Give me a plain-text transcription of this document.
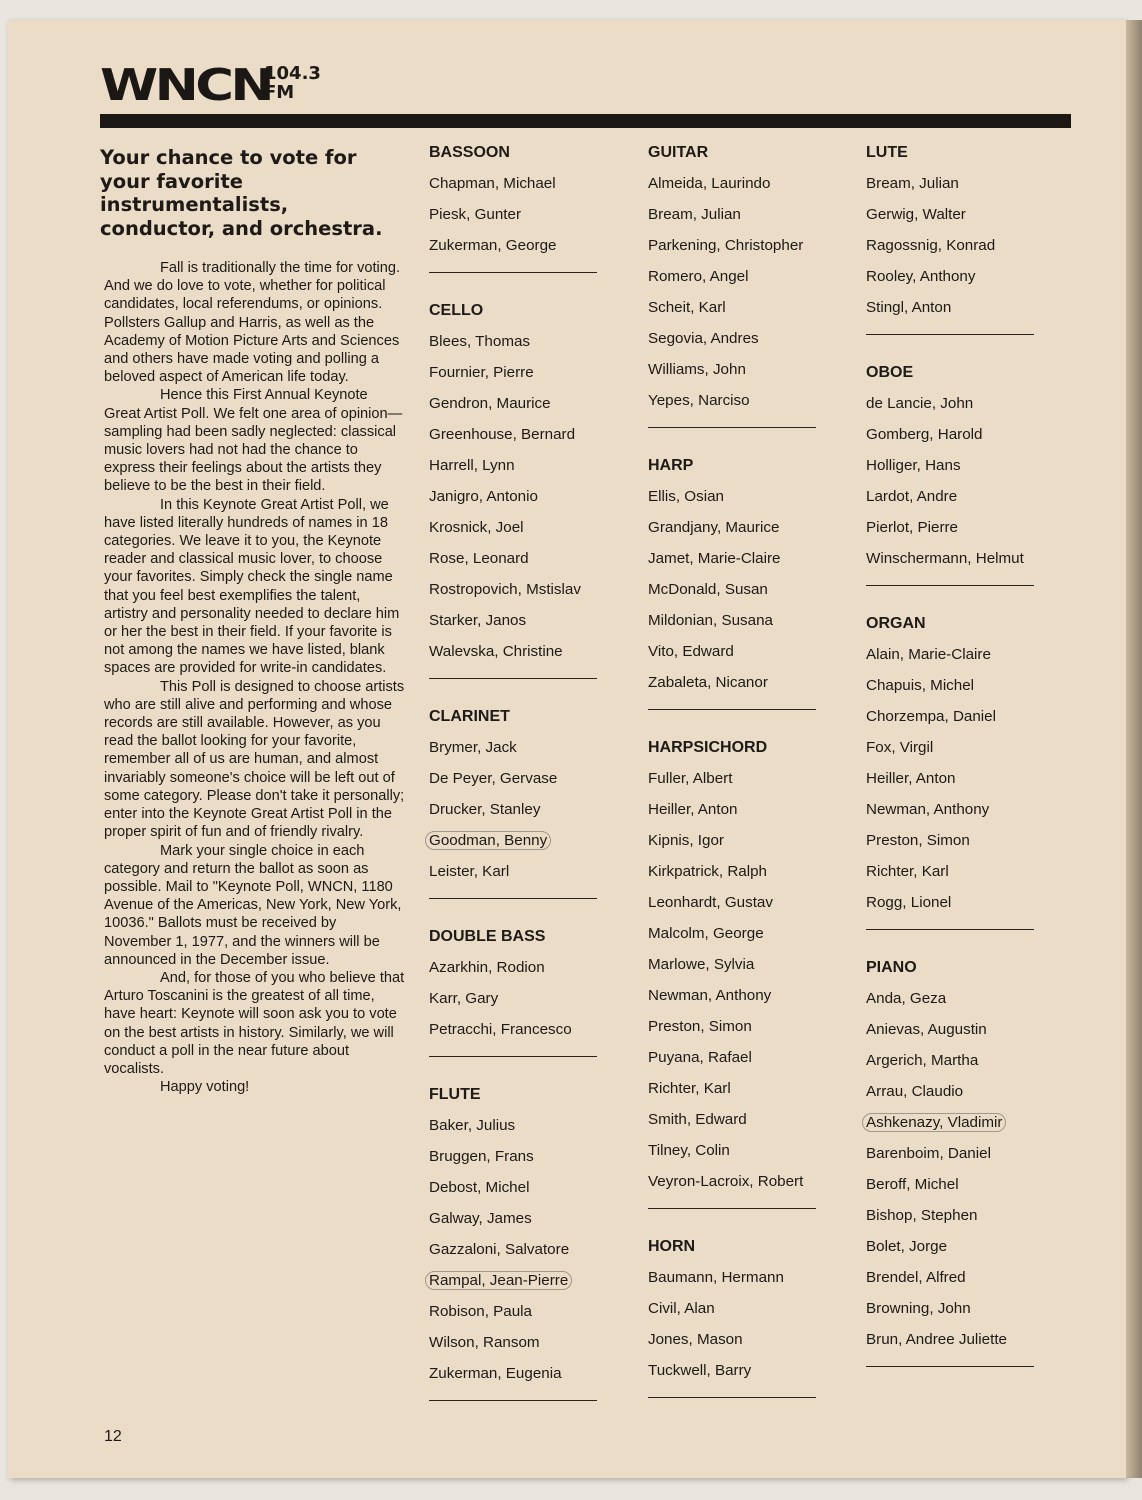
WNCN
104.3
FM
Your chance to vote for your favorite instrumentalists, conductor, and orchestra.

Fall is traditionally the time for voting. And we do love to vote, whether for political candidates, local referendums, or opinions. Pollsters Gallup and Harris, as well as the Academy of Motion Picture Arts and Sciences and others have made voting and polling a beloved aspect of American life today.

Hence this First Annual Keynote Great Artist Poll. We felt one area of opinion—sampling had been sadly neglected: classical music lovers had not had the chance to express their feelings about the artists they believe to be the best in their field.

In this Keynote Great Artist Poll, we have listed literally hundreds of names in 18 categories. We leave it to you, the Keynote reader and classical music lover, to choose your favorites. Simply check the single name that you feel best exemplifies the talent, artistry and personality needed to declare him or her the best in their field. If your favorite is not among the names we have listed, blank spaces are provided for write-in candidates.

This Poll is designed to choose artists who are still alive and performing and whose records are still available. However, as you read the ballot looking for your favorite, remember all of us are human, and almost invariably someone's choice will be left out of some category. Please don't take it personally; enter into the Keynote Great Artist Poll in the proper spirit of fun and of friendly rivalry.

Mark your single choice in each category and return the ballot as soon as possible. Mail to "Keynote Poll, WNCN, 1180 Avenue of the Americas, New York, New York, 10036." Ballots must be received by November 1, 1977, and the winners will be announced in the December issue.

And, for those of you who believe that Arturo Toscanini is the greatest of all time, have heart: Keynote will soon ask you to vote on the best artists in history. Similarly, we will conduct a poll in the near future about vocalists.

Happy voting!

BASSOON
Chapman, Michael
Piesk, Gunter
Zukerman, George
CELLO
Blees, Thomas
Fournier, Pierre
Gendron, Maurice
Greenhouse, Bernard
Harrell, Lynn
Janigro, Antonio
Krosnick, Joel
Rose, Leonard
Rostropovich, Mstislav
Starker, Janos
Walevska, Christine
CLARINET
Brymer, Jack
De Peyer, Gervase
Drucker, Stanley
Goodman, Benny
Leister, Karl
DOUBLE BASS
Azarkhin, Rodion
Karr, Gary
Petracchi, Francesco
FLUTE
Baker, Julius
Bruggen, Frans
Debost, Michel
Galway, James
Gazzaloni, Salvatore
Rampal, Jean-Pierre
Robison, Paula
Wilson, Ransom
Zukerman, Eugenia
GUITAR
Almeida, Laurindo
Bream, Julian
Parkening, Christopher
Romero, Angel
Scheit, Karl
Segovia, Andres
Williams, John
Yepes, Narciso
HARP
Ellis, Osian
Grandjany, Maurice
Jamet, Marie-Claire
McDonald, Susan
Mildonian, Susana
Vito, Edward
Zabaleta, Nicanor
HARPSICHORD
Fuller, Albert
Heiller, Anton
Kipnis, Igor
Kirkpatrick, Ralph
Leonhardt, Gustav
Malcolm, George
Marlowe, Sylvia
Newman, Anthony
Preston, Simon
Puyana, Rafael
Richter, Karl
Smith, Edward
Tilney, Colin
Veyron-Lacroix, Robert
HORN
Baumann, Hermann
Civil, Alan
Jones, Mason
Tuckwell, Barry
LUTE
Bream, Julian
Gerwig, Walter
Ragossnig, Konrad
Rooley, Anthony
Stingl, Anton
OBOE
de Lancie, John
Gomberg, Harold
Holliger, Hans
Lardot, Andre
Pierlot, Pierre
Winschermann, Helmut
ORGAN
Alain, Marie-Claire
Chapuis, Michel
Chorzempa, Daniel
Fox, Virgil
Heiller, Anton
Newman, Anthony
Preston, Simon
Richter, Karl
Rogg, Lionel
PIANO
Anda, Geza
Anievas, Augustin
Argerich, Martha
Arrau, Claudio
Ashkenazy, Vladimir
Barenboim, Daniel
Beroff, Michel
Bishop, Stephen
Bolet, Jorge
Brendel, Alfred
Browning, John
Brun, Andree Juliette
12
